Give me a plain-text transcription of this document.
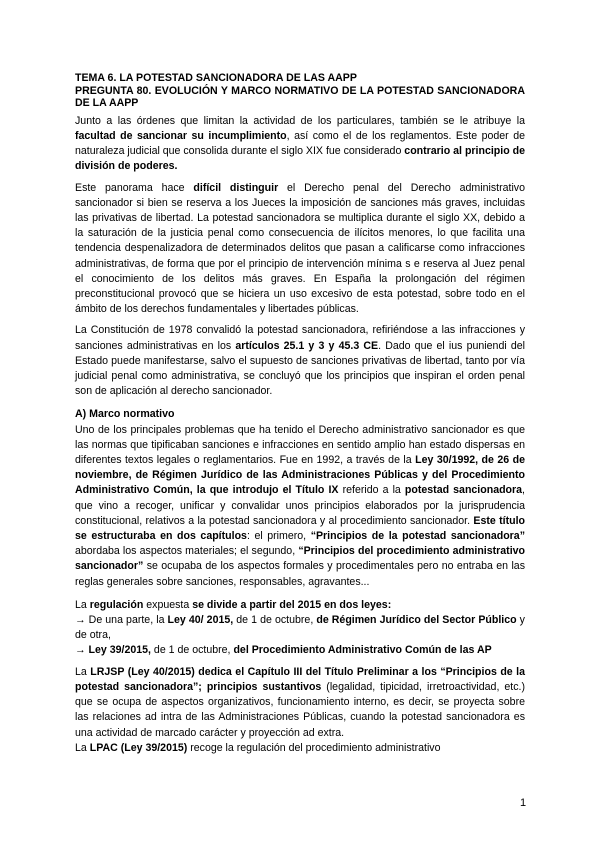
TEMA 6. LA POTESTAD SANCIONADORA DE LAS AAPP
PREGUNTA 80. EVOLUCIÓN Y MARCO NORMATIVO DE LA POTESTAD SANCIONADORA DE LA AAPP

Junto a las órdenes que limitan la actividad de los particulares, también se le atribuye la facultad de sancionar su incumplimiento, así como el de los reglamentos. Este poder de naturaleza judicial que consolida durante el siglo XIX fue considerado contrario al principio de división de poderes.

Este panorama hace difícil distinguir el Derecho penal del Derecho administrativo sancionador si bien se reserva a los Jueces la imposición de sanciones más graves, incluidas las privativas de libertad. La potestad sancionadora se multiplica durante el siglo XX, debido a la saturación de la justicia penal como consecuencia de ilícitos menores, lo que facilita una tendencia despenalizadora de determinados delitos que pasan a calificarse como infracciones administrativas, de forma que por el principio de intervención mínima s e reserva al Juez penal el conocimiento de los delitos más graves. En España la prolongación del régimen preconstitucional provocó que se hiciera un uso excesivo de esta potestad, sobre todo en el ámbito de los derechos fundamentales y libertades públicas.

La Constitución de 1978 convalidó la potestad sancionadora, refiriéndose a las infracciones y sanciones administrativas en los artículos 25.1 y 3 y 45.3 CE. Dado que el ius puniendi del Estado puede manifestarse, salvo el supuesto de sanciones privativas de libertad, tanto por vía judicial penal como administrativa, se concluyó que los principios que inspiran el orden penal son de aplicación al derecho sancionador.

A) Marco normativo
Uno de los principales problemas que ha tenido el Derecho administrativo sancionador es que las normas que tipificaban sanciones e infracciones en sentido amplio han estado dispersas en diferentes textos legales o reglamentarios. Fue en 1992, a través de la Ley 30/1992, de 26 de noviembre, de Régimen Jurídico de las Administraciones Públicas y del Procedimiento Administrativo Común, la que introdujo el Título IX referido a la potestad sancionadora, que vino a recoger, unificar y convalidar unos principios elaborados por la jurisprudencia constitucional, relativos a la potestad sancionadora y al procedimiento sancionador. Este título se estructuraba en dos capítulos: el primero, “Principios de la potestad sancionadora” abordaba los aspectos materiales; el segundo, “Principios del procedimiento administrativo sancionador” se ocupaba de los aspectos formales y procedimentales pero no entraba en las reglas generales sobre sanciones, responsables, agravantes...

La regulación expuesta se divide a partir del 2015 en dos leyes:
→ De una parte, la Ley 40/ 2015, de 1 de octubre, de Régimen Jurídico del Sector Público y de otra,
→ Ley 39/2015, de 1 de octubre, del Procedimiento Administrativo Común de las AP

La LRJSP (Ley 40/2015) dedica el Capítulo III del Título Preliminar a los “Principios de la potestad sancionadora”; principios sustantivos (legalidad, tipicidad, irretroactividad, etc.) que se ocupa de aspectos organizativos, funcionamiento interno, es decir, se proyecta sobre las relaciones ad intra de las Administraciones Públicas, cuando la potestad sancionadora es una actividad de marcado carácter y proyección ad extra.
La LPAC (Ley 39/2015) recoge la regulación del procedimiento administrativo

1
